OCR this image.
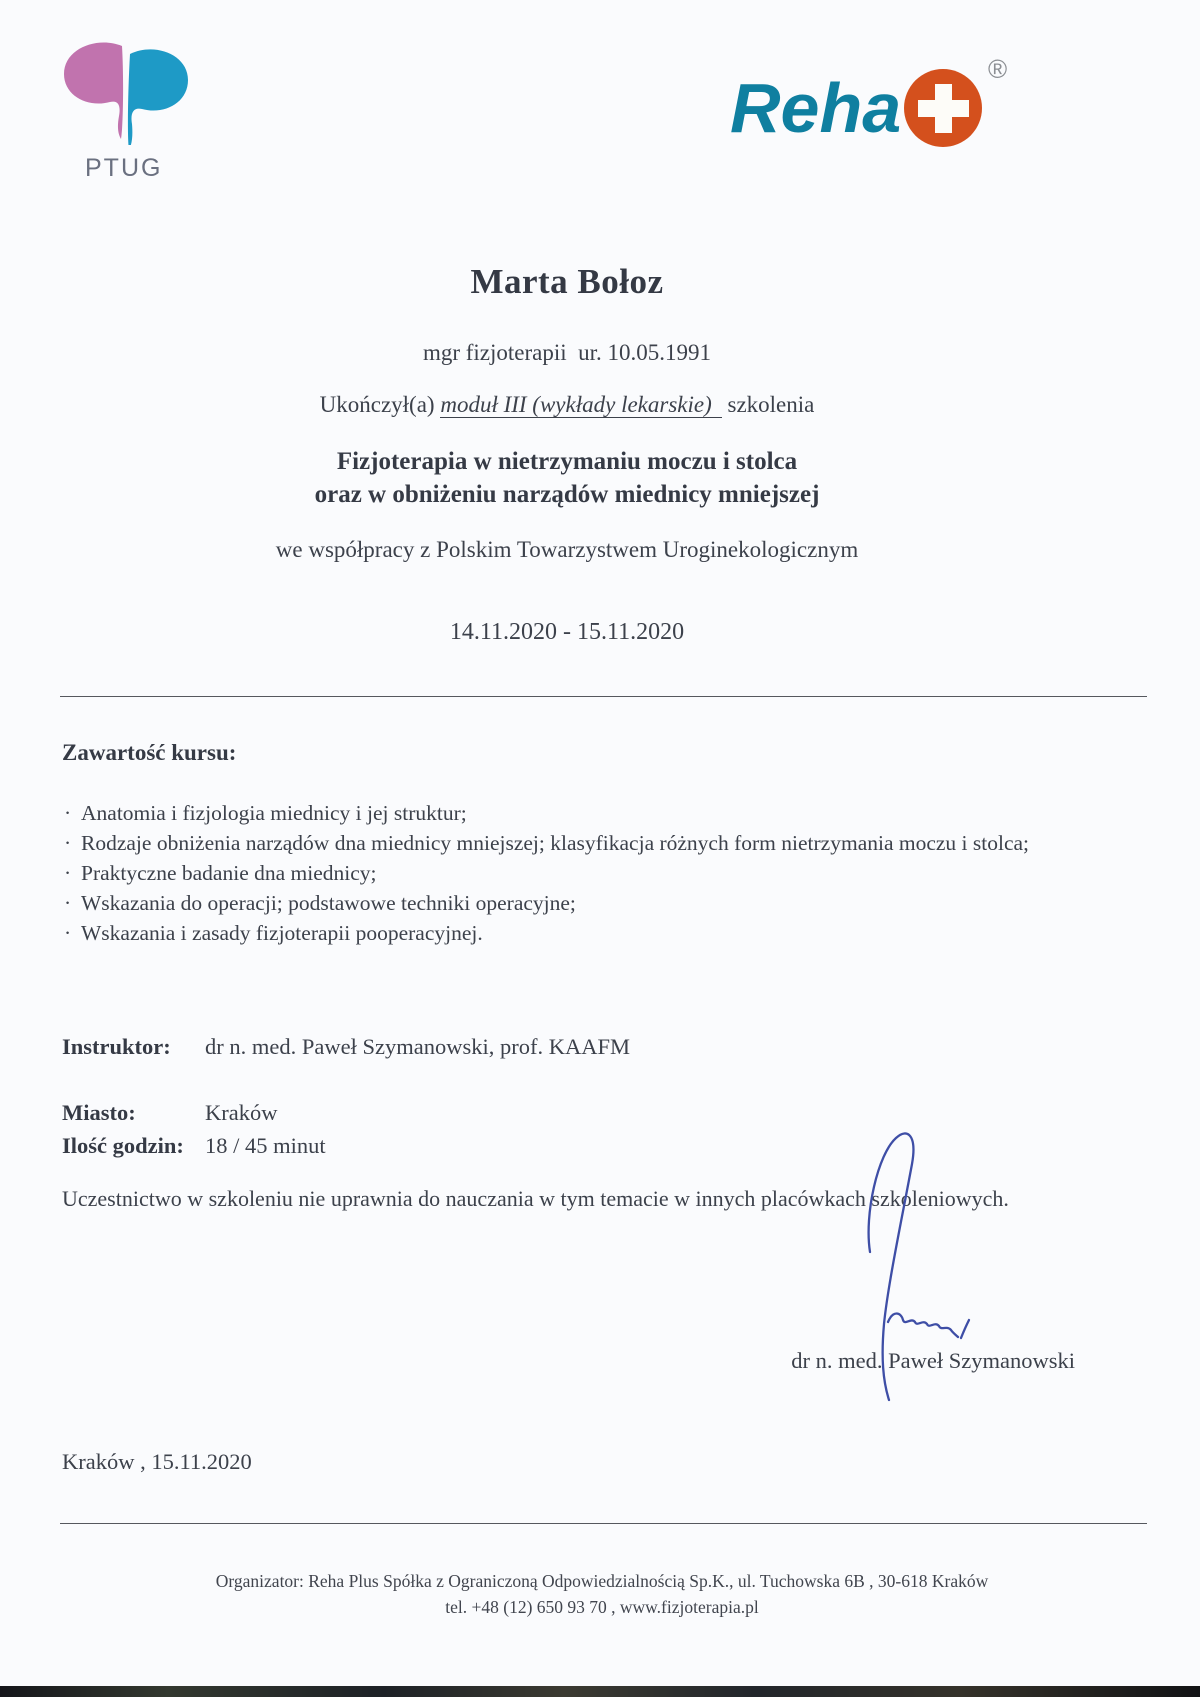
PTUG
Reha	®
Marta Bołoz
mgr fizjoterapii  ur. 10.05.1991
Ukończył(a) moduł III (wykłady lekarskie) szkolenia
Fizjoterapia w nietrzymaniu moczu i stolca
oraz w obniżeniu narządów miednicy mniejszej
we współpracy z Polskim Towarzystwem Uroginekologicznym
14.11.2020 - 15.11.2020
Zawartość kursu:
· Anatomia i fizjologia miednicy i jej struktur;
· Rodzaje obniżenia narządów dna miednicy mniejszej; klasyfikacja różnych form nietrzymania moczu i stolca;
· Praktyczne badanie dna miednicy;
· Wskazania do operacji; podstawowe techniki operacyjne;
· Wskazania i zasady fizjoterapii pooperacyjnej.
Instruktor:	dr n. med. Paweł Szymanowski, prof. KAAFM
Miasto:	Kraków
Ilość godzin: 18 / 45 minut
Uczestnictwo w szkoleniu nie uprawnia do nauczania w tym temacie w innych placówkach szkoleniowych.
dr n. med. Paweł Szymanowski
Kraków , 15.11.2020
Organizator: Reha Plus Spółka z Ograniczoną Odpowiedzialnością Sp.K., ul. Tuchowska 6B , 30-618 Kraków
tel. +48 (12) 650 93 70 , www.fizjoterapia.pl
